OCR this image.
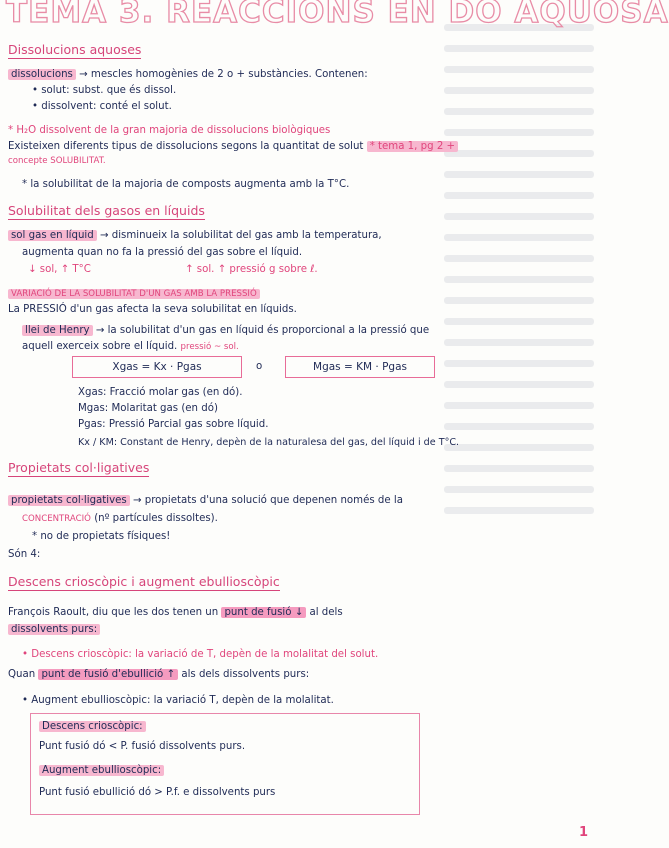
TEMA 3. REACCIONS EN DO AQUOSA
Dissolucions aquoses
dissolucions → mescles homogènies de 2 o + substàncies. Contenen:
• solut: subst. que és dissol.
• dissolvent: conté el solut.
* H₂O dissolvent de la gran majoria de dissolucions biològiques
Existeixen diferents tipus de dissolucions segons la quantitat de solut * tema 1, pg 2 +
concepte SOLUBILITAT.
* la solubilitat de la majoria de composts augmenta amb la T°C.
Solubilitat dels gasos en líquids
sol gas en líquid → disminueix la solubilitat del gas amb la temperatura,
augmenta quan no fa la pressió del gas sobre el líquid.
↓ sol, ↑ T°C	↑ sol. ↑ pressió g sobre ℓ.
VARIACIÓ DE LA SOLUBILITAT D'UN GAS AMB LA PRESSIÓ
La PRESSIÓ d'un gas afecta la seva solubilitat en líquids.
llei de Henry → la solubilitat d'un gas en líquid és proporcional a la pressió que
aquell exerceix sobre el líquid. pressió ~ sol.
Xgas = Kx · Pgas	o	Mgas = KM · Pgas
Xgas: Fracció molar gas (en dó).
Mgas: Molaritat gas (en dó)
Pgas: Pressió Parcial gas sobre líquid.
Kx / KM: Constant de Henry, depèn de la naturalesa del gas, del líquid i de T°C.
Propietats col·ligatives
propietats col·ligatives → propietats d'una solució que depenen només de la
CONCENTRACIÓ (nº partícules dissoltes).
* no de propietats físiques!
Són 4:
Descens crioscòpic i augment ebullioscòpic
François Raoult, diu que les dos tenen un punt de fusió ↓ al dels
dissolvents purs:
• Descens crioscòpic: la variació de T, depèn de la molalitat del solut.
Quan punt de fusió d'ebullició ↑ als dels dissolvents purs:
• Augment ebullioscòpic: la variació T, depèn de la molalitat.
Descens crioscòpic:
Punt fusió dó < P. fusió dissolvents purs.
Augment ebullioscòpic:
Punt fusió ebullició dó > P.f. e dissolvents purs
1
